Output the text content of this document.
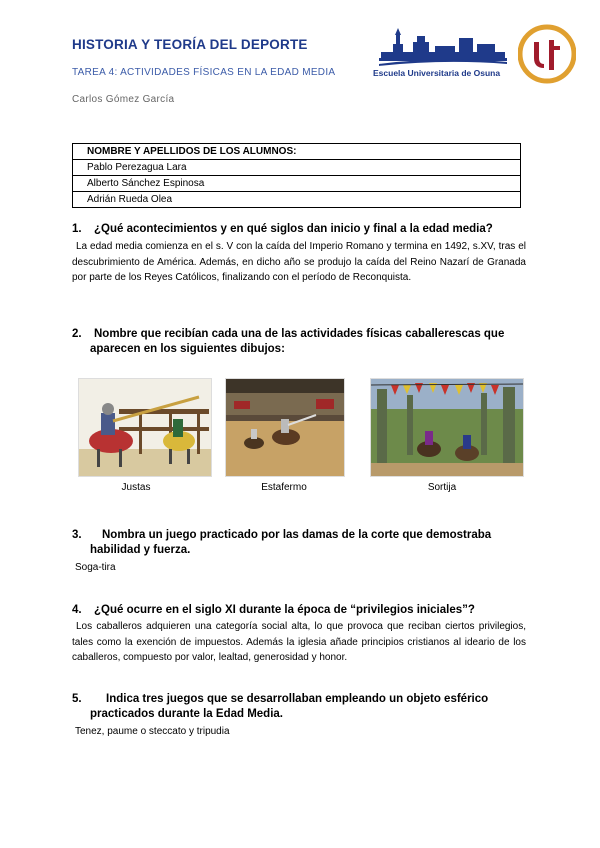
HISTORIA Y TEORÍA DEL DEPORTE
TAREA 4: ACTIVIDADES FÍSICAS EN LA EDAD MEDIA
Carlos Gómez García
Escuela Universitaria de Osuna
NOMBRE Y APELLIDOS DE LOS ALUMNOS:
Pablo Perezagua Lara
Alberto Sánchez Espinosa
Adrián Rueda Olea
1. ¿Qué acontecimientos y en qué siglos dan inicio y final a la edad media?
La edad media comienza en el s. V con la caída del Imperio Romano y termina en 1492, s.XV, tras el descubrimiento de América. Además, en dicho año se produjo la caída del Reino Nazarí de Granada por parte de los Reyes Católicos, finalizando con el período de Reconquista.
2. Nombre que recibían cada una de las actividades físicas caballerescas que
aparecen en los siguientes dibujos:
Justas	Estafermo	Sortija
3. Nombra un juego practicado por las damas de la corte que demostraba
habilidad y fuerza.
Soga-tira
4. ¿Qué ocurre en el siglo XI durante la época de “privilegios iniciales”?
Los caballeros adquieren una categoría social alta, lo que provoca que reciban ciertos privilegios, tales como la exención de impuestos. Además la iglesia añade principios cristianos al ideario de los caballeros, compuesto por valor, lealtad, generosidad y honor.
5. Indica tres juegos que se desarrollaban empleando un objeto esférico
practicados durante la Edad Media.
Tenez, paume o steccato y tripudia
